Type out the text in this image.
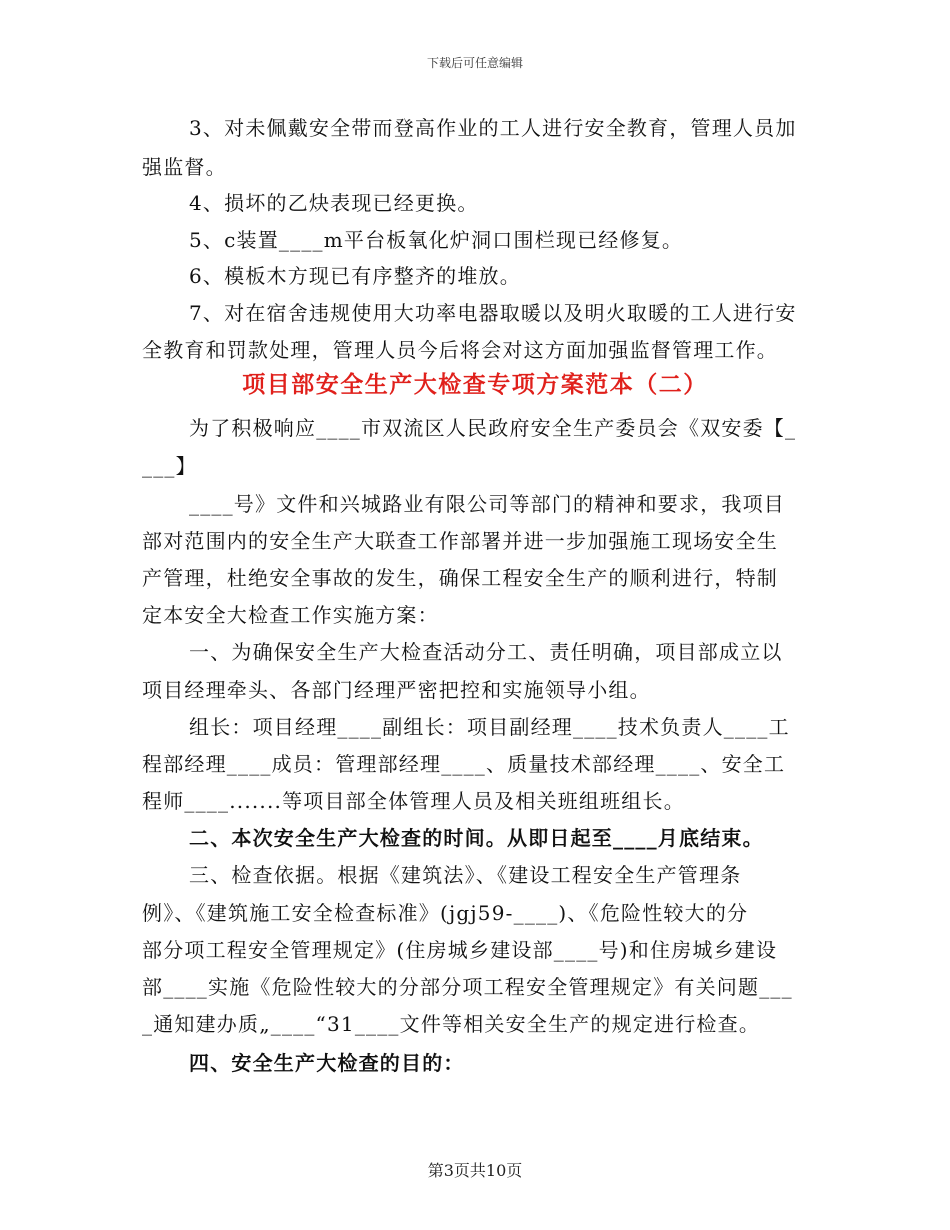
下载后可任意编辑
3、对未佩戴安全带而登高作业的工人进行安全教育，管理人员加
强监督。
4、损坏的乙炔表现已经更换。
5、c装置____m平台板氧化炉洞口围栏现已经修复。
6、模板木方现已有序整齐的堆放。
7、对在宿舍违规使用大功率电器取暖以及明火取暖的工人进行安
全教育和罚款处理，管理人员今后将会对这方面加强监督管理工作。
项目部安全生产大检查专项方案范本（二）
为了积极响应____市双流区人民政府安全生产委员会《双安委【_
___】
____号》文件和兴城路业有限公司等部门的精神和要求，我项目
部对范围内的安全生产大联查工作部署并进一步加强施工现场安全生
产管理，杜绝安全事故的发生，确保工程安全生产的顺利进行，特制
定本安全大检查工作实施方案：
一、为确保安全生产大检查活动分工、责任明确，项目部成立以
项目经理牵头、各部门经理严密把控和实施领导小组。
组长：项目经理____副组长：项目副经理____技术负责人____工
程部经理____成员：管理部经理____、质量技术部经理____、安全工
程师____.......等项目部全体管理人员及相关班组班组长。
二、本次安全生产大检查的时间。从即日起至____月底结束。
三、检查依据。根据《建筑法》、《建设工程安全生产管理条
例》、《建筑施工安全检查标准》(jgj59-____)、《危险性较大的分
部分项工程安全管理规定》(住房城乡建设部____号)和住房城乡建设
部____实施《危险性较大的分部分项工程安全管理规定》有关问题___
_通知建办质„____“31____文件等相关安全生产的规定进行检查。
四、安全生产大检查的目的：
第3页共10页
